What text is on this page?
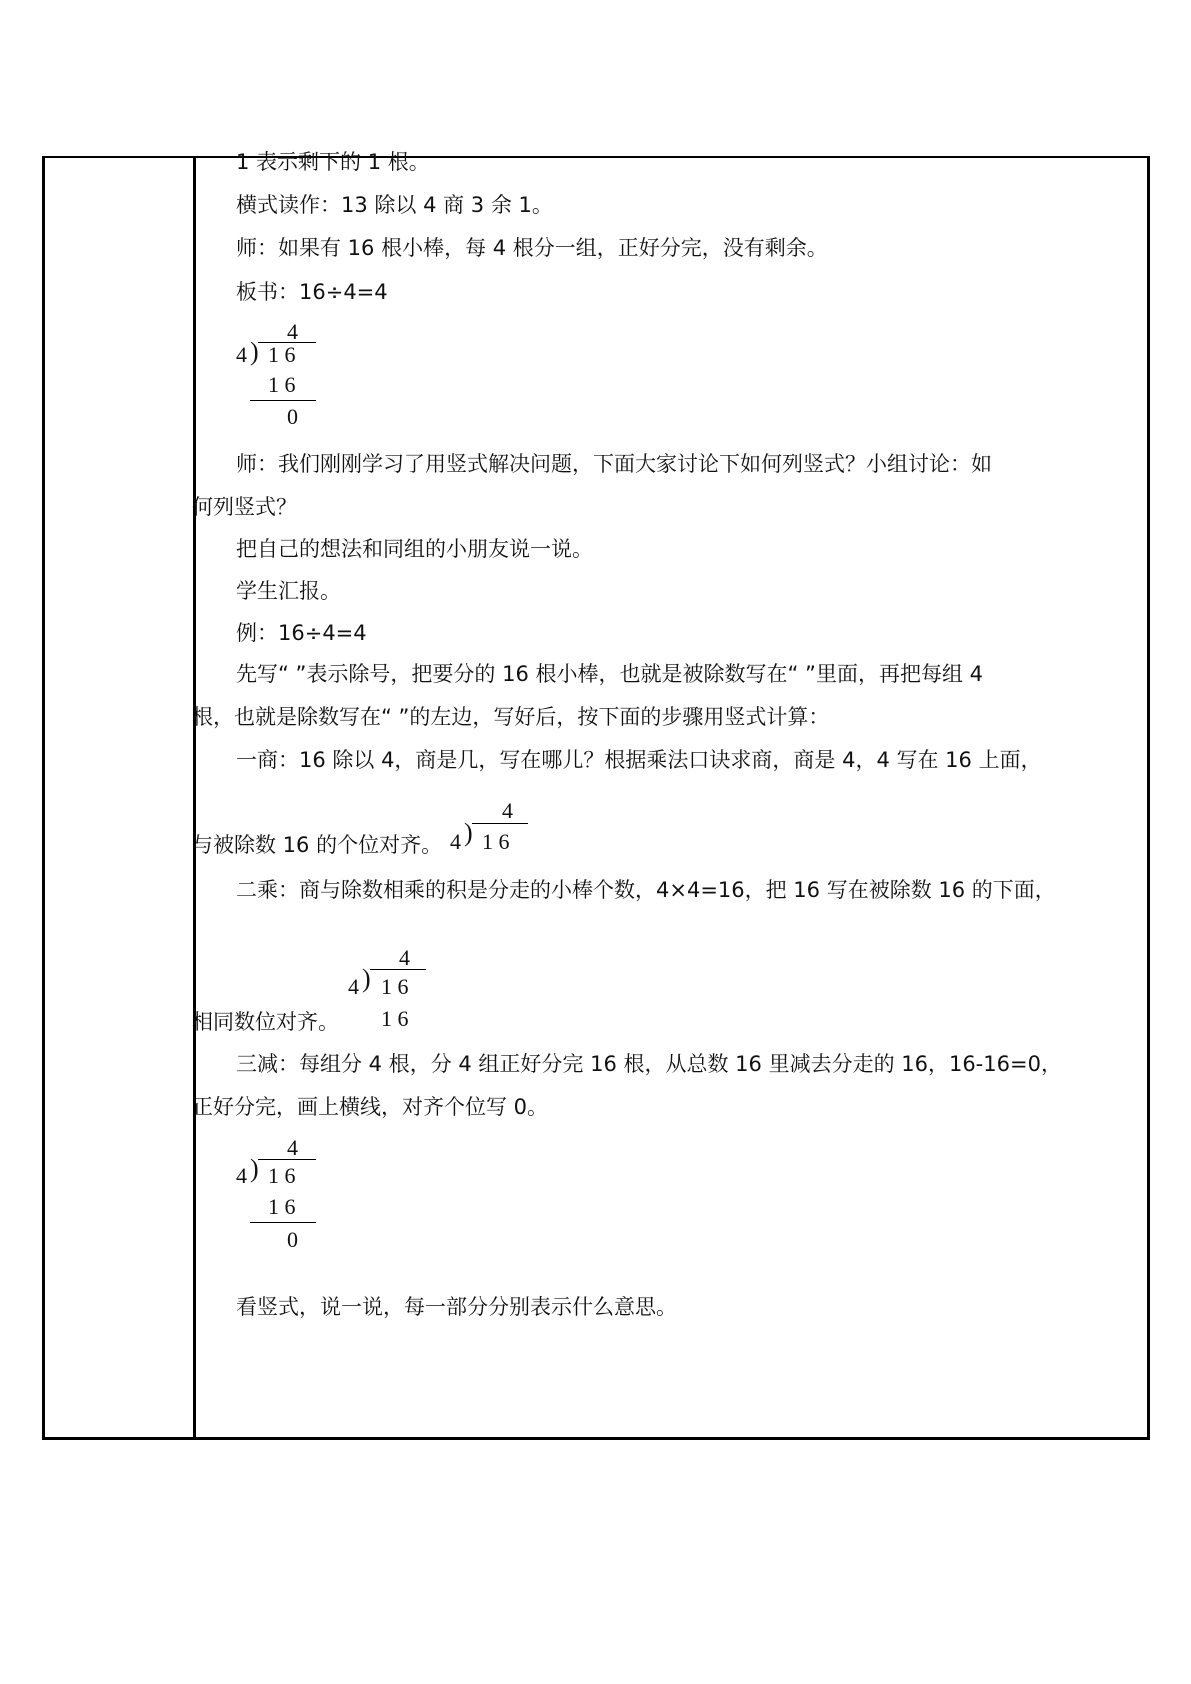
1 表示剩下的 1 根。
横式读作：13 除以 4 商 3 余 1。
师：如果有 16 根小棒，每 4 根分一组，正好分完，没有剩余。
板书：16÷4=4
4
)
4 1 6
1 6
0
师：我们刚刚学习了用竖式解决问题，下面大家讨论下如何列竖式？小组讨论：如
何列竖式？
把自己的想法和同组的小朋友说一说。
学生汇报。
例：16÷4=4
先写“ ”表示除号，把要分的 16 根小棒，也就是被除数写在“ ”里面，再把每组 4
根，也就是除数写在“ ”的左边，写好后，按下面的步骤用竖式计算：
一商：16 除以 4，商是几，写在哪儿？根据乘法口诀求商，商是 4，4 写在 16 上面，
4
)
4 1 6
与被除数 16 的个位对齐。
二乘：商与除数相乘的积是分走的小棒个数，4×4=16，把 16 写在被除数 16 的下面，
4
)
4 1 6
1 6
相同数位对齐。
三减：每组分 4 根，分 4 组正好分完 16 根，从总数 16 里减去分走的 16，16-16=0，
正好分完，画上横线，对齐个位写 0。
4
)
4 1 6
1 6
0
看竖式，说一说，每一部分分别表示什么意思。
